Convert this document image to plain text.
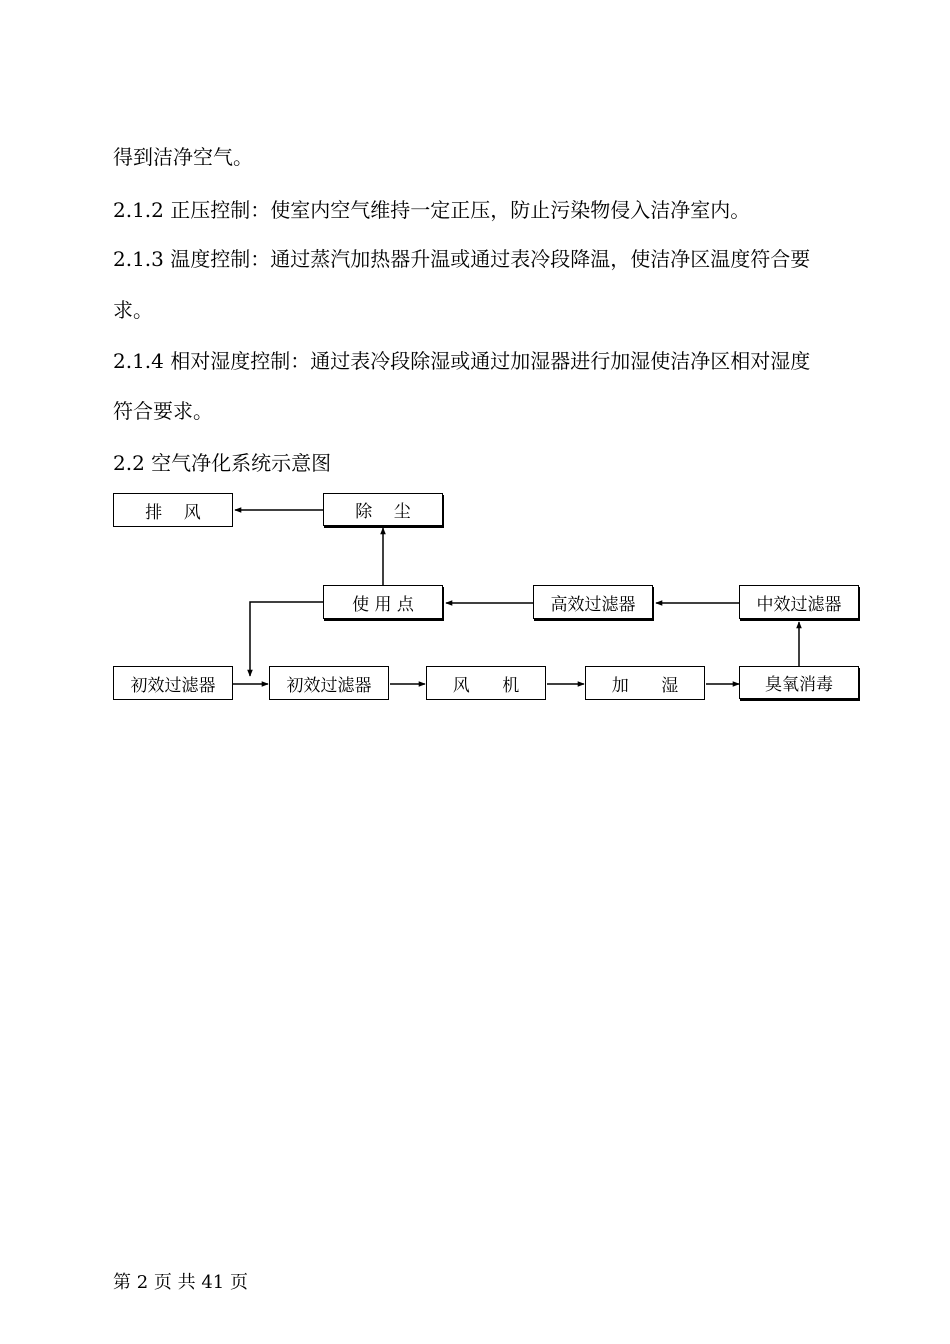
得到洁净空气。
2.1.2 正压控制：使室内空气维持一定正压，防止污染物侵入洁净室内。
2.1.3 温度控制：通过蒸汽加热器升温或通过表冷段降温，使洁净区温度符合要
求。
2.1.4 相对湿度控制：通过表冷段除湿或通过加湿器进行加湿使洁净区相对湿度
符合要求。
2.2 空气净化系统示意图
排    风	除    尘
使 用 点	高效过滤器	中效过滤器
初效过滤器	初效过滤器	风      机	加      湿	臭氧消毒
第 2 页 共 41 页
